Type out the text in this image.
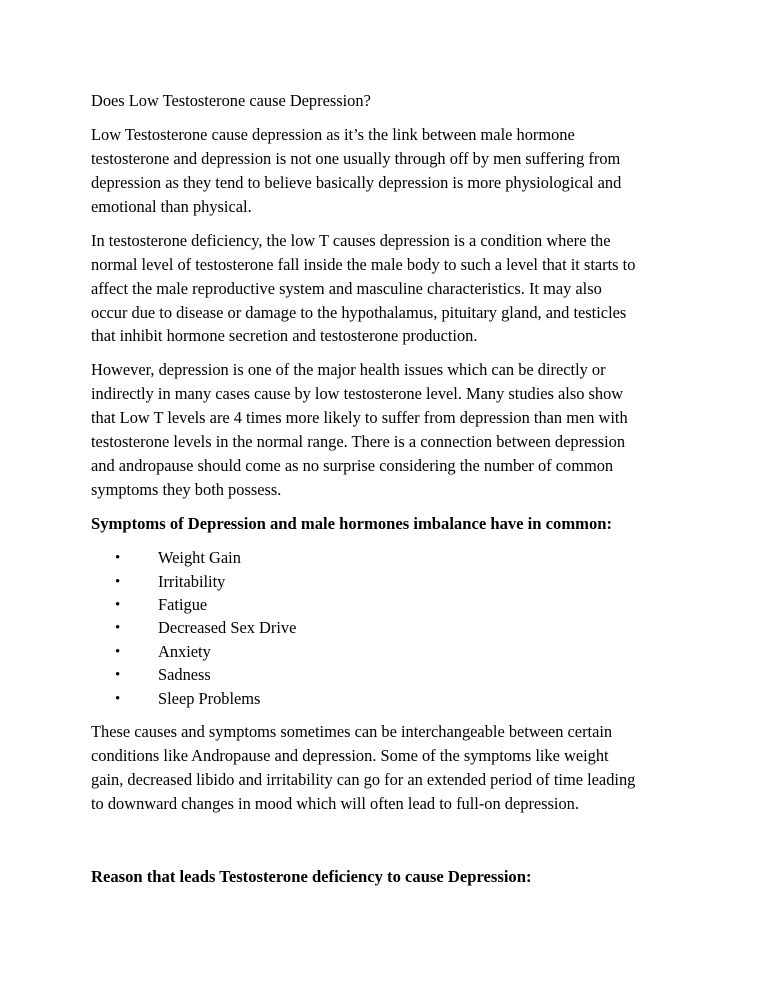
Does Low Testosterone cause Depression?
Low Testosterone cause depression as it’s the link between male hormone
testosterone and depression is not one usually through off by men suffering from
depression as they tend to believe basically depression is more physiological and
emotional than physical.
In testosterone deficiency, the low T causes depression is a condition where the
normal level of testosterone fall inside the male body to such a level that it starts to
affect the male reproductive system and masculine characteristics. It may also
occur due to disease or damage to the hypothalamus, pituitary gland, and testicles
that inhibit hormone secretion and testosterone production.
However, depression is one of the major health issues which can be directly or
indirectly in many cases cause by low testosterone level. Many studies also show
that Low T levels are 4 times more likely to suffer from depression than men with
testosterone levels in the normal range. There is a connection between depression
and andropause should come as no surprise considering the number of common
symptoms they both possess.
Symptoms of Depression and male hormones imbalance have in common:
• Weight Gain
• Irritability
• Fatigue
• Decreased Sex Drive
• Anxiety
• Sadness
• Sleep Problems
These causes and symptoms sometimes can be interchangeable between certain
conditions like Andropause and depression. Some of the symptoms like weight
gain, decreased libido and irritability can go for an extended period of time leading
to downward changes in mood which will often lead to full-on depression.
Reason that leads Testosterone deficiency to cause Depression:
